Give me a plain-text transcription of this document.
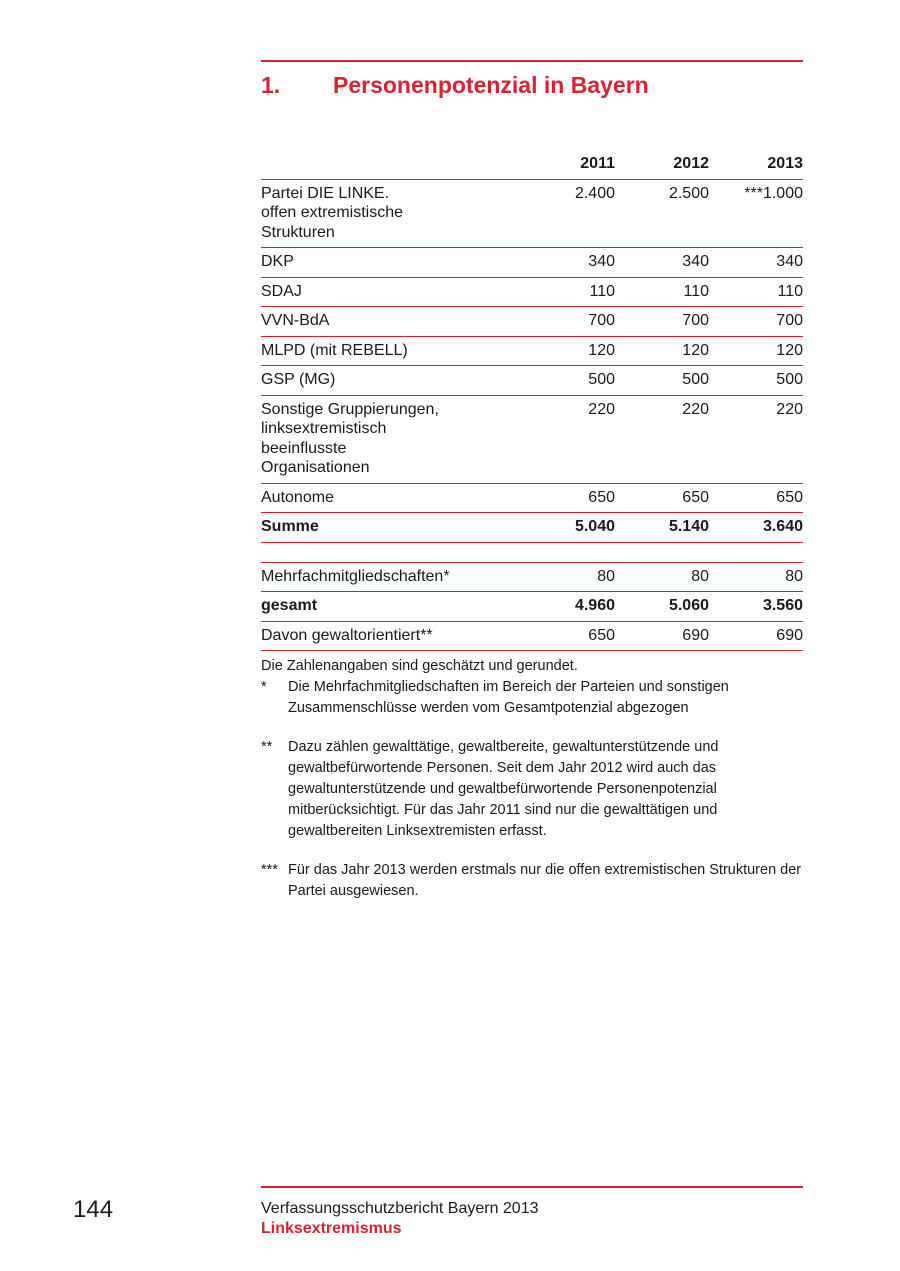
1. Personenpotenzial in Bayern
	2011	2012	2013
Partei DIE LINKE.
offen extremistische
Strukturen	2.400	2.500	***1.000
DKP	340	340	340
SDAJ	110	110	110
VVN-BdA	700	700	700
MLPD (mit REBELL)	120	120	120
GSP (MG)	500	500	500
Sonstige Gruppierungen,
linksextremistisch
beeinflusste
Organisationen	220	220	220
Autonome	650	650	650
Summe	5.040	5.140	3.640

Mehrfachmitgliedschaften*	80	80	80
gesamt	4.960	5.060	3.560
Davon gewaltorientiert**	650	690	690

Die Zahlenangaben sind geschätzt und gerundet.

*	Die Mehrfachmitgliedschaften im Bereich der Parteien und sonstigen Zusammenschlüsse werden vom Gesamtpotenzial abgezogen
**	Dazu zählen gewalttätige, gewaltbereite, gewaltunterstützende und gewaltbefürwortende Personen. Seit dem Jahr 2012 wird auch das gewaltunterstützende und gewaltbefürwortende Personenpotenzial mitberücksichtigt. Für das Jahr 2011 sind nur die gewalttätigen und gewaltbereiten Linksextremisten erfasst.
*** Für das Jahr 2013 werden erstmals nur die offen extremistischen Strukturen der Partei ausgewiesen.
144	Verfassungsschutzbericht Bayern 2013
Linksextremismus
